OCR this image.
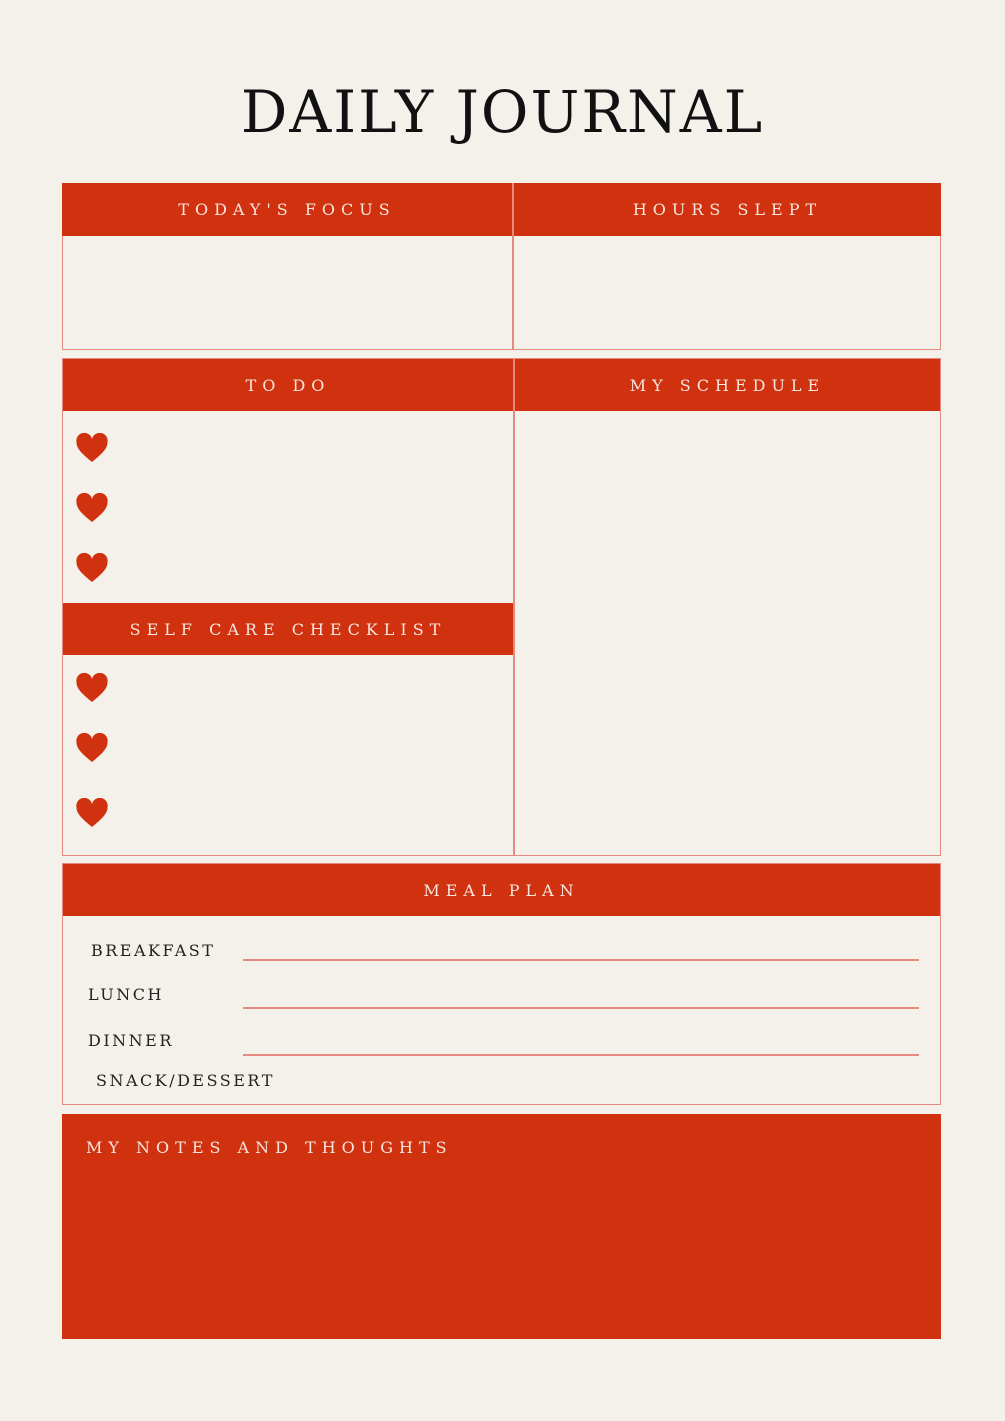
DAILY JOURNAL
TODAY'S FOCUS	HOURS SLEPT
TO DO	MY SCHEDULE
SELF CARE CHECKLIST
MEAL PLAN
BREAKFAST
LUNCH
DINNER
SNACK/DESSERT
MY NOTES AND THOUGHTS
